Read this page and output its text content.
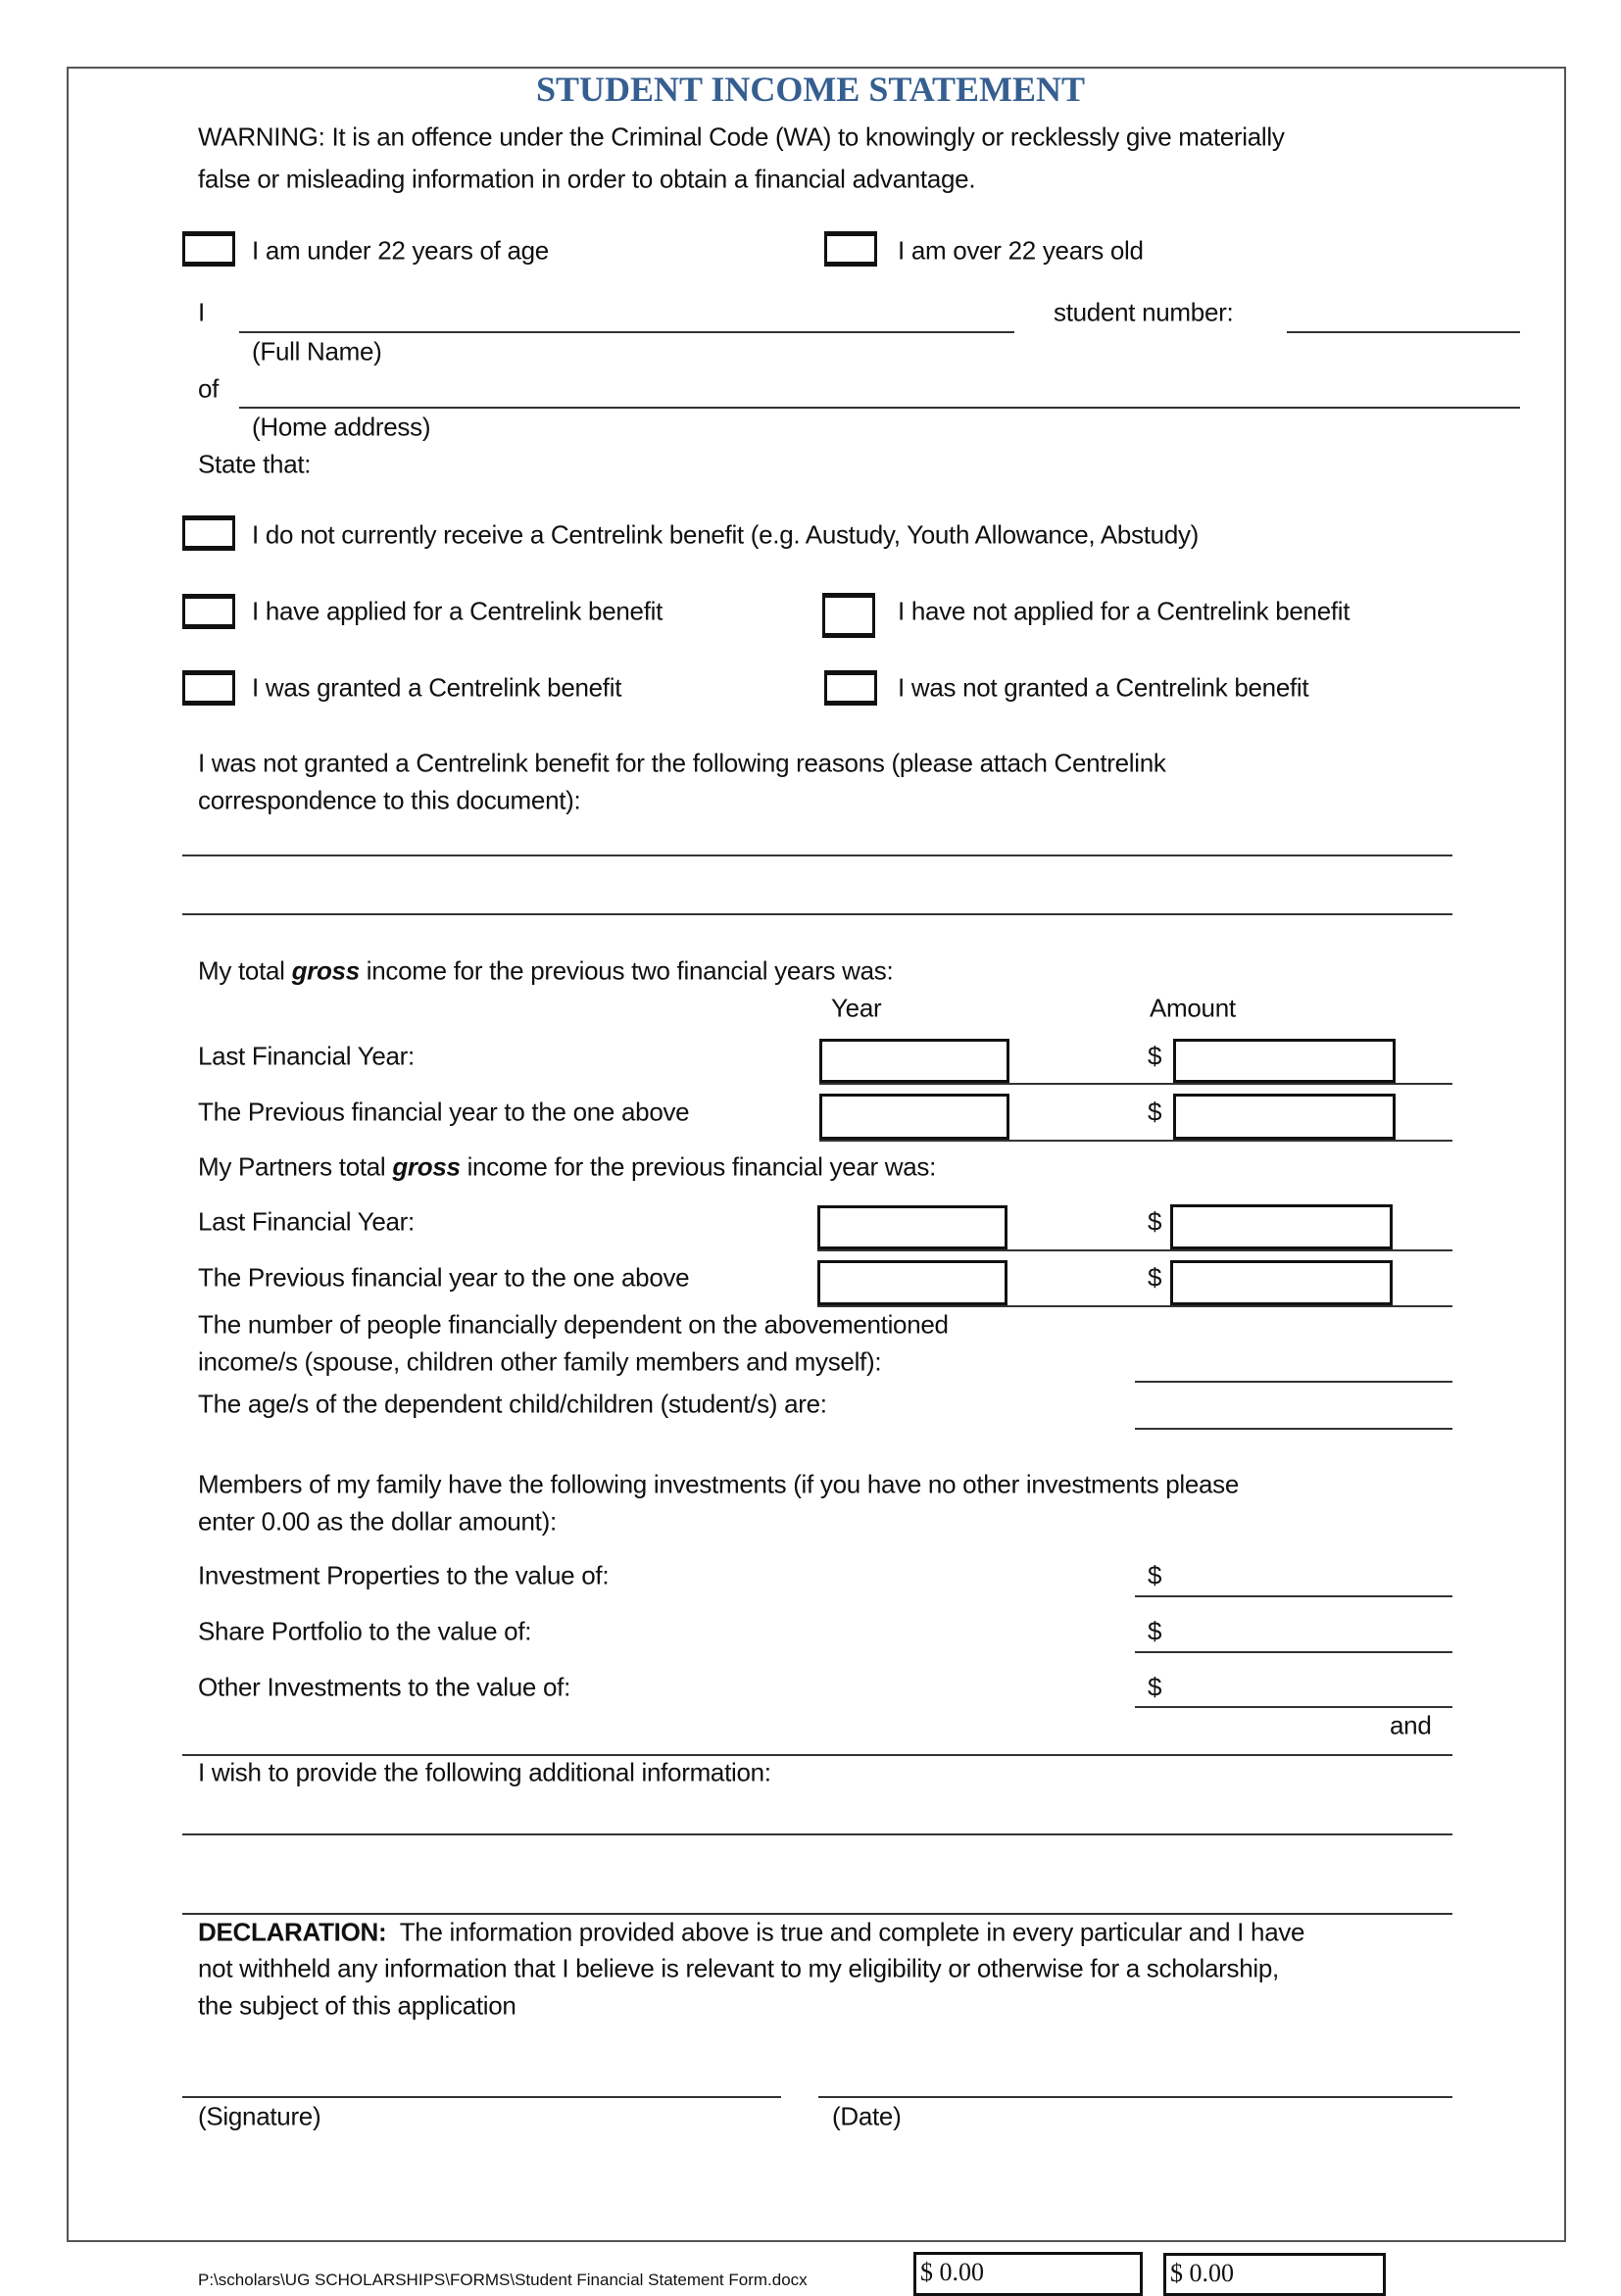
STUDENT INCOME STATEMENT
WARNING: It is an offence under the Criminal Code (WA) to knowingly or recklessly give materially
false or misleading information in order to obtain a financial advantage.
I am under 22 years of age	I am over 22 years old
I	student number:
(Full Name)
of
(Home address)
State that:
I do not currently receive a Centrelink benefit (e.g. Austudy, Youth Allowance, Abstudy)
I have applied for a Centrelink benefit	I have not applied for a Centrelink benefit
I was granted a Centrelink benefit	I was not granted a Centrelink benefit
I was not granted a Centrelink benefit for the following reasons (please attach Centrelink
correspondence to this document):
My total gross income for the previous two financial years was:
Year	Amount
Last Financial Year:	$
The Previous financial year to the one above	$
My Partners total gross income for the previous financial year was:
Last Financial Year:	$
The Previous financial year to the one above	$
The number of people financially dependent on the abovementioned
income/s (spouse, children other family members and myself):
The age/s of the dependent child/children (student/s) are:
Members of my family have the following investments (if you have no other investments please
enter 0.00 as the dollar amount):
Investment Properties to the value of:	$
Share Portfolio to the value of:	$
Other Investments to the value of:	$
and
I wish to provide the following additional information:
DECLARATION:  The information provided above is true and complete in every particular and I have
not withheld any information that I believe is relevant to my eligibility or otherwise for a scholarship,
the subject of this application
(Signature)	(Date)
P:\scholars\UG SCHOLARSHIPS\FORMS\Student Financial Statement Form.docx	$ 0.00	$ 0.00
